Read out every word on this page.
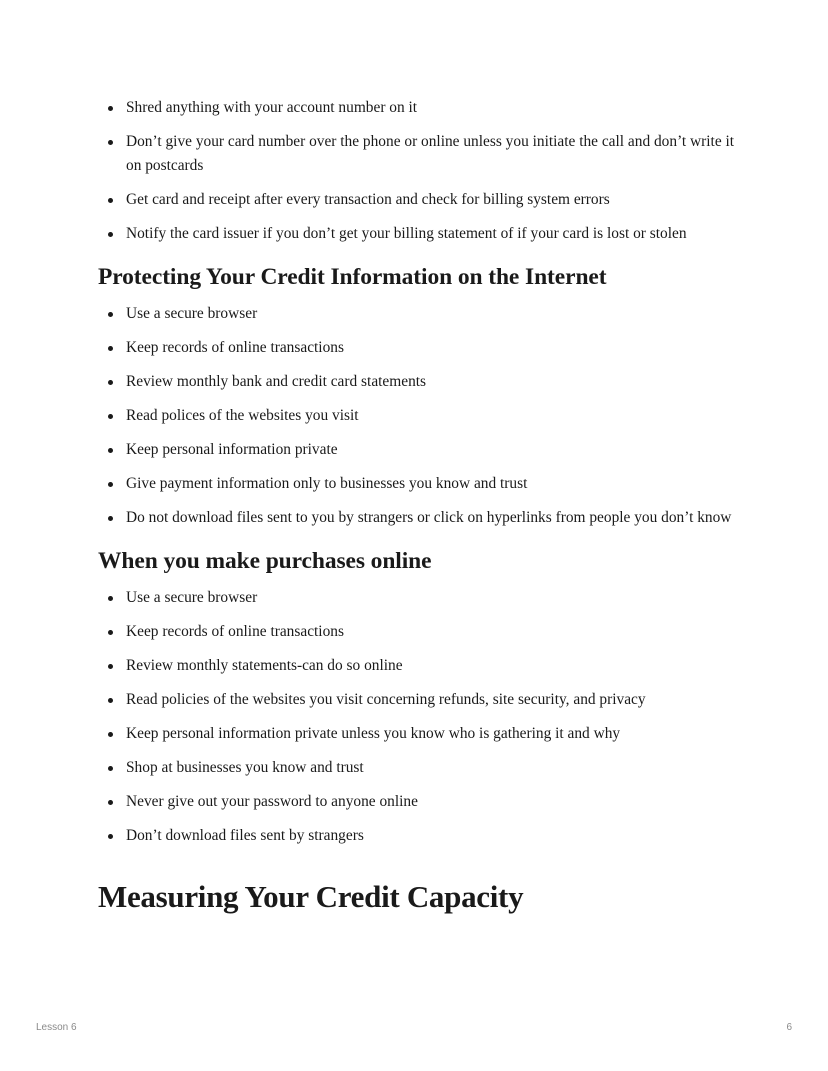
Shred anything with your account number on it
Don’t give your card number over the phone or online unless you initiate the call and don’t write it on postcards
Get card and receipt after every transaction and check for billing system errors
Notify the card issuer if you don’t get your billing statement of if your card is lost or stolen
Protecting Your Credit Information on the Internet
Use a secure browser
Keep records of online transactions
Review monthly bank and credit card statements
Read polices of the websites you visit
Keep personal information private
Give payment information only to businesses you know and trust
Do not download files sent to you by strangers or click on hyperlinks from people you don’t know
When you make purchases online
Use a secure browser
Keep records of online transactions
Review monthly statements-can do so online
Read policies of the websites you visit concerning refunds, site security, and privacy
Keep personal information private unless you know who is gathering it and why
Shop at businesses you know and trust
Never give out your password to anyone online
Don’t download files sent by strangers
Measuring Your Credit Capacity
Lesson 6	6
